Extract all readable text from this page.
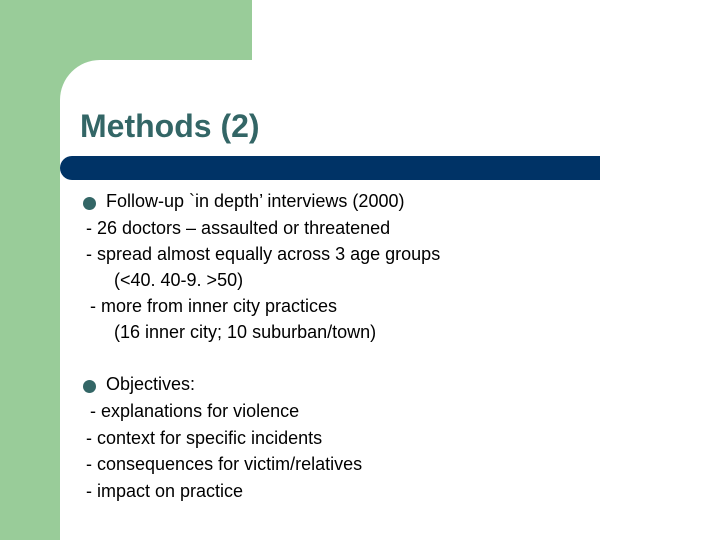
Methods (2)
Follow-up `in depth’ interviews (2000)
- 26 doctors – assaulted or threatened
- spread almost equally across 3 age groups
(<40. 40-9. >50)
- more from inner city practices
(16 inner city; 10 suburban/town)
Objectives:
- explanations for violence
- context for specific incidents
- consequences for victim/relatives
- impact on practice
